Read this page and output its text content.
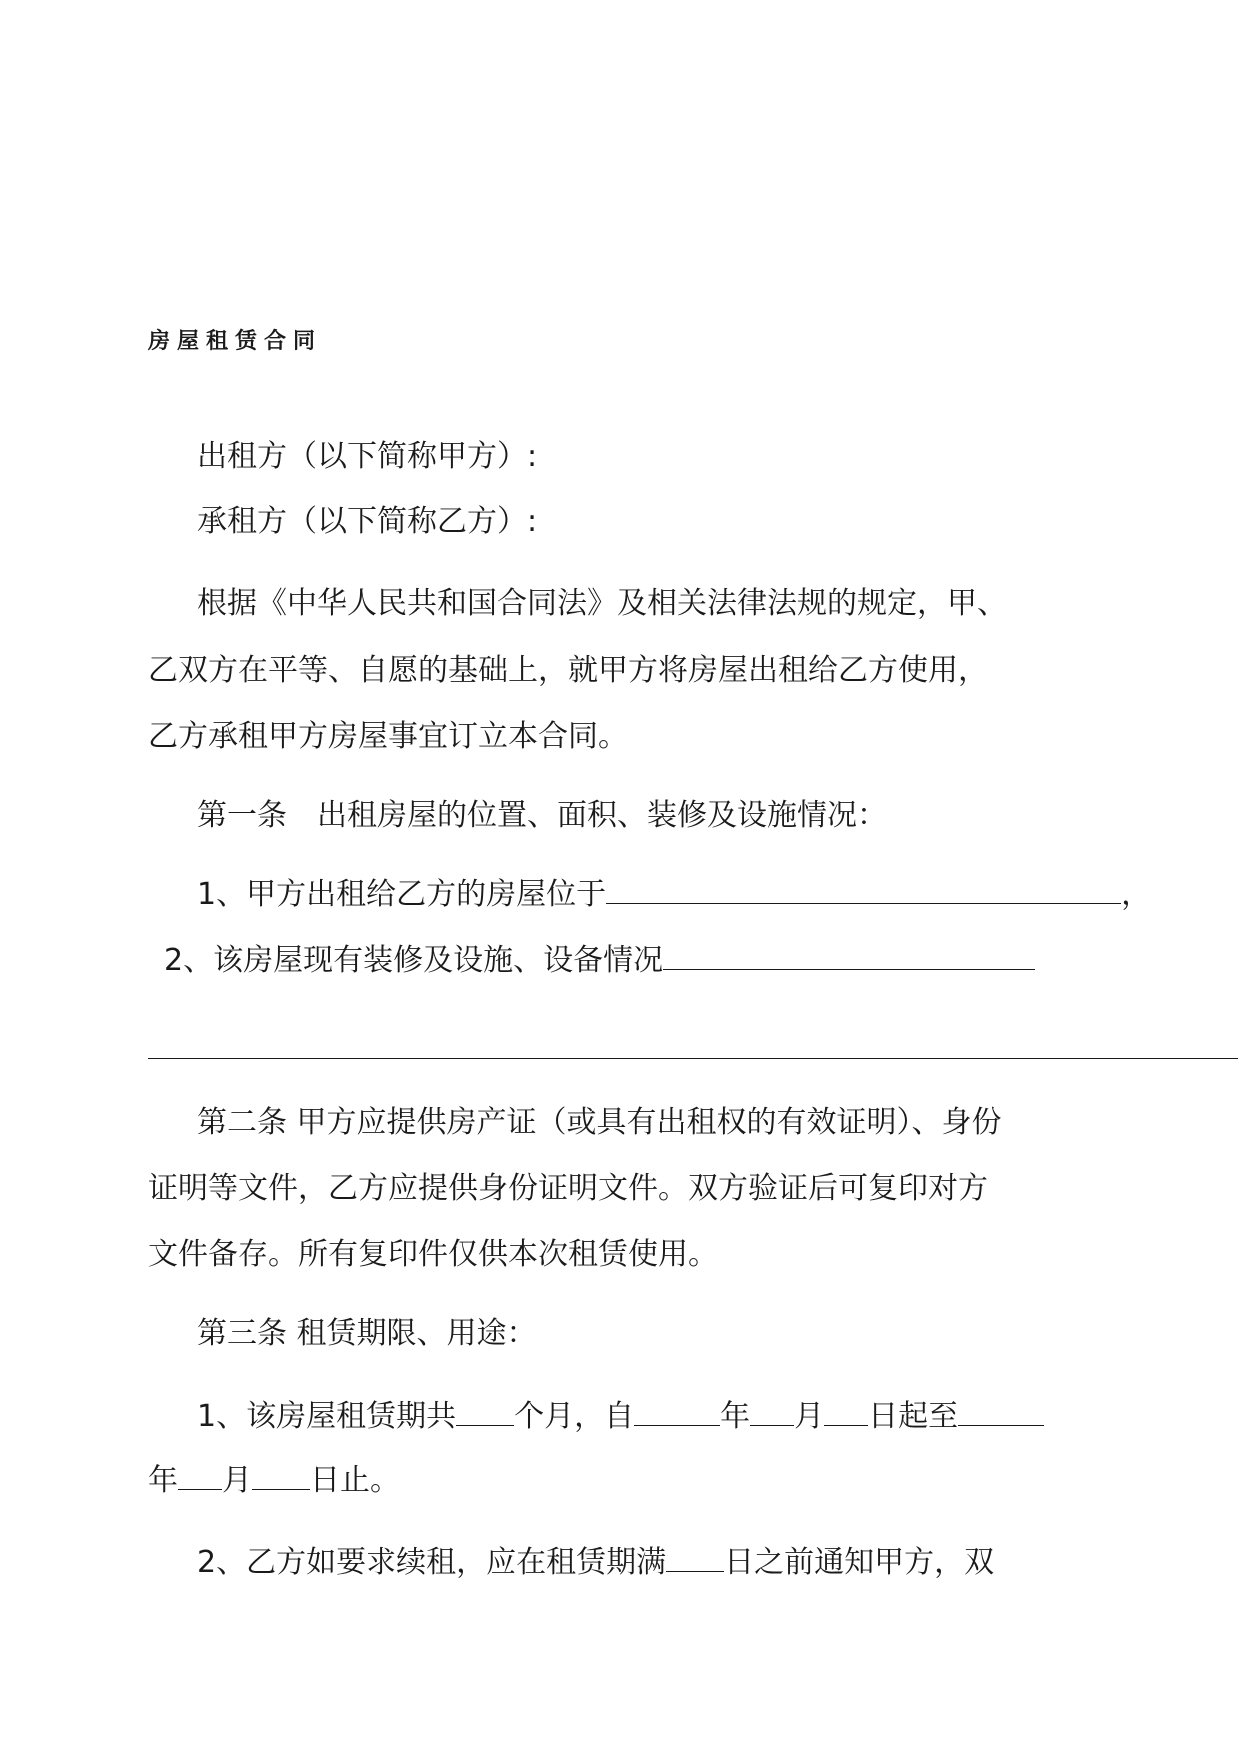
房屋租赁合同
出租方（以下简称甲方）:
承租方（以下简称乙方）:
根据《中华人民共和国合同法》及相关法律法规的规定，甲、
乙双方在平等、自愿的基础上，就甲方将房屋出租给乙方使用，
乙方承租甲方房屋事宜订立本合同。
第一条　出租房屋的位置、面积、装修及设施情况：
1、甲方出租给乙方的房屋位于	，
2、该房屋现有装修及设施、设备情况
第二条 甲方应提供房产证（或具有出租权的有效证明）、身份
证明等文件，乙方应提供身份证明文件。双方验证后可复印对方
文件备存。所有复印件仅供本次租赁使用。
第三条 租赁期限、用途：
1、该房屋租赁期共 个月，自	年 月 日起至
年 月 日止。
2、乙方如要求续租，应在租赁期满 日之前通知甲方，双
